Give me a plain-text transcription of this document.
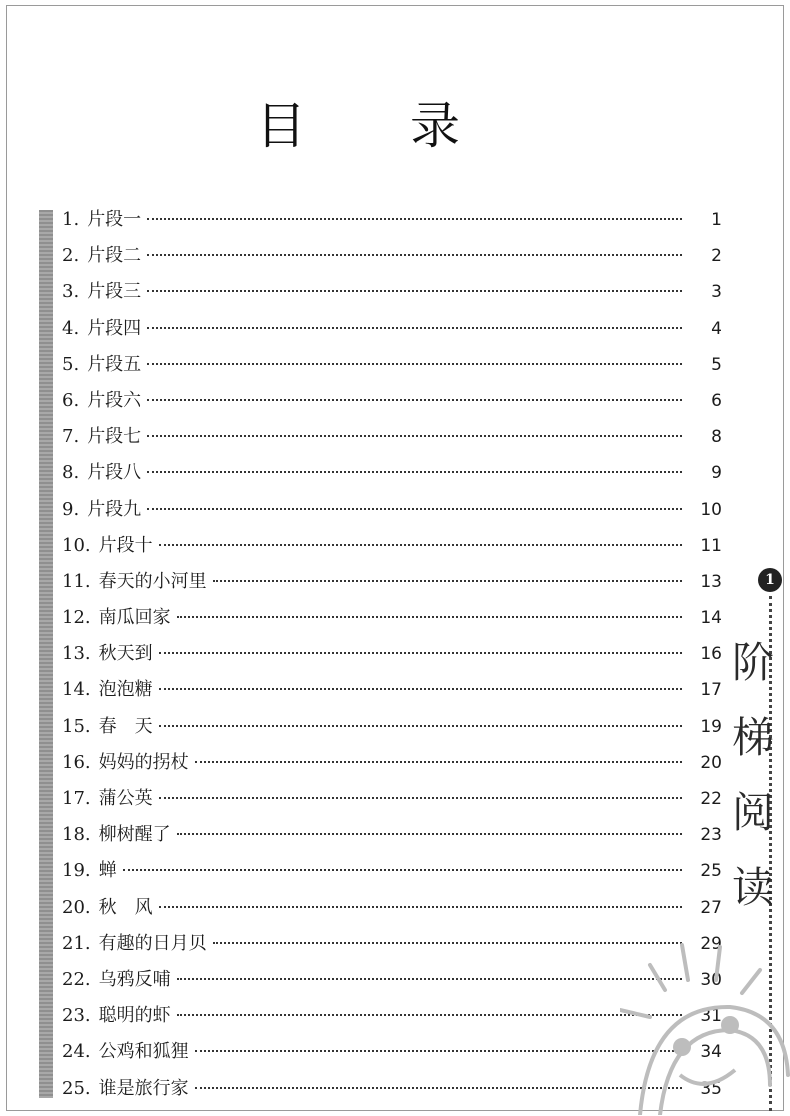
目 录
1. 片段一	1
2. 片段二	2
3. 片段三	3
4. 片段四	4
5. 片段五	5
6. 片段六	6
7. 片段七	8
8. 片段八	9
9. 片段九	10
10. 片段十	11
11. 春天的小河里	13
12. 南瓜回家	14
13. 秋天到	16
14. 泡泡糖	17
15. 春　天	19
16. 妈妈的拐杖	20
17. 蒲公英	22
18. 柳树醒了	23
19. 蝉	25
20. 秋　风	27
21. 有趣的日月贝	29
22. 乌鸦反哺	30
23. 聪明的虾	31
24. 公鸡和狐狸	34
25. 谁是旅行家	35
1
阶
梯
阅
读
